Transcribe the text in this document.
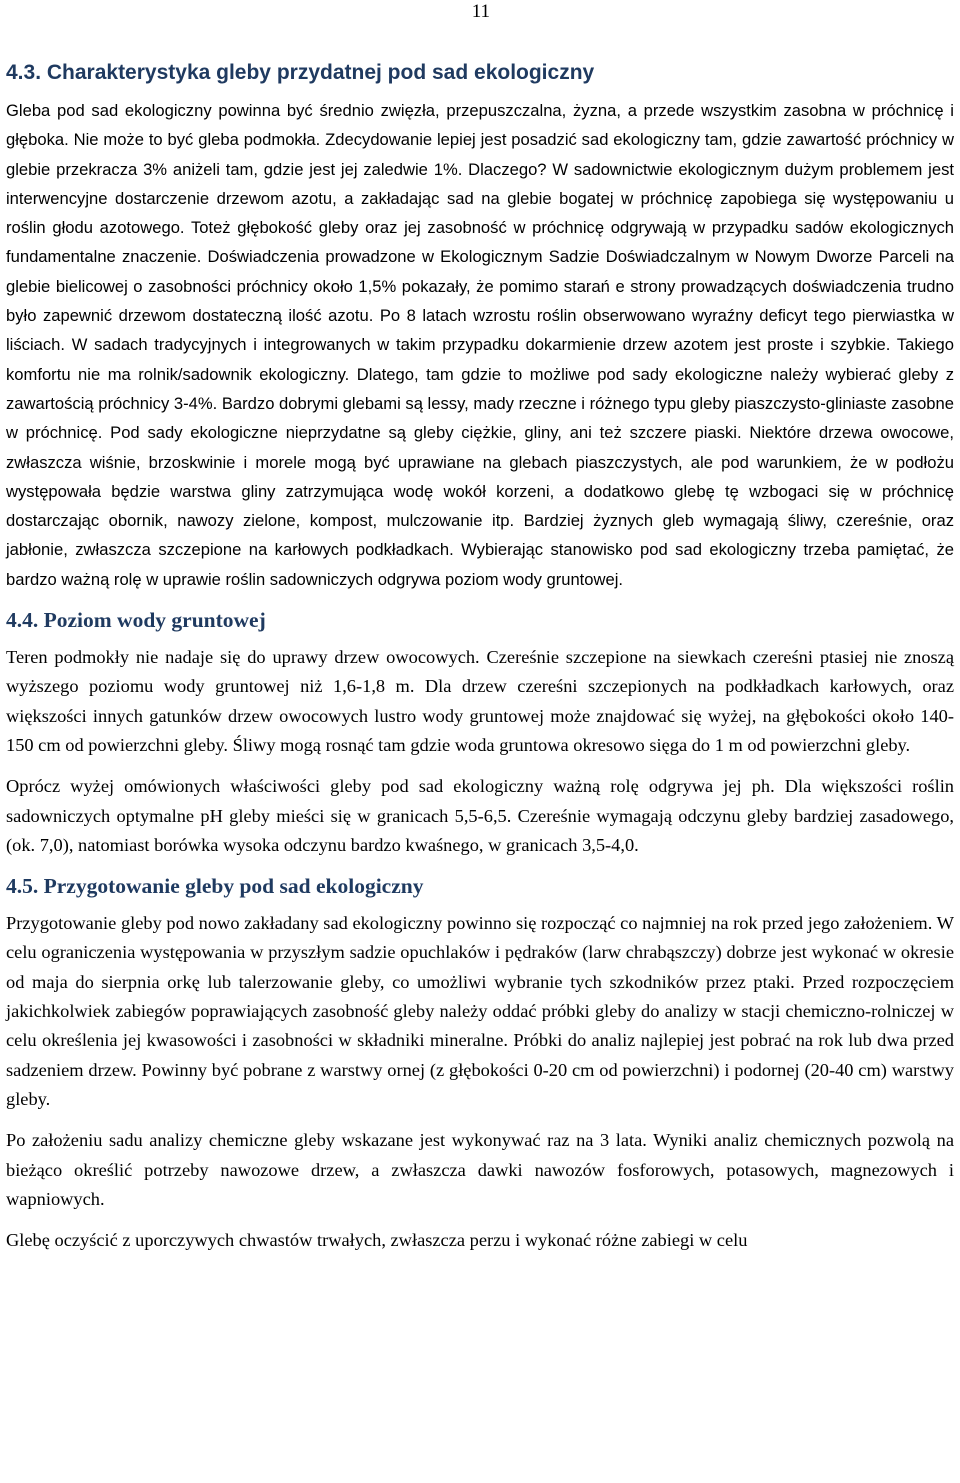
11
4.3. Charakterystyka gleby przydatnej pod sad ekologiczny

Gleba pod sad ekologiczny powinna być średnio zwięzła, przepuszczalna, żyzna, a przede wszystkim zasobna w próchnicę i głęboka. Nie może to być gleba podmokła. Zdecydowanie lepiej jest posadzić sad ekologiczny tam, gdzie zawartość próchnicy w glebie przekracza 3% aniżeli tam, gdzie jest jej zaledwie 1%. Dlaczego? W sadownictwie ekologicznym dużym problemem jest interwencyjne dostarczenie drzewom azotu, a zakładając sad na glebie bogatej w próchnicę zapobiega się występowaniu u roślin głodu azotowego. Toteż głębokość gleby oraz jej zasobność w próchnicę odgrywają w przypadku sadów ekologicznych fundamentalne znaczenie. Doświadczenia prowadzone w Ekologicznym Sadzie Doświadczalnym w Nowym Dworze Parceli na glebie bielicowej o zasobności próchnicy około 1,5% pokazały, że pomimo starań e strony prowadzących doświadczenia trudno było zapewnić drzewom dostateczną ilość azotu. Po 8 latach wzrostu roślin obserwowano wyraźny deficyt tego pierwiastka w liściach. W sadach tradycyjnych i integrowanych w takim przypadku dokarmienie drzew azotem jest proste i szybkie. Takiego komfortu nie ma rolnik/sadownik ekologiczny. Dlatego, tam gdzie to możliwe pod sady ekologiczne należy wybierać gleby z zawartością próchnicy 3-4%. Bardzo dobrymi glebami są lessy, mady rzeczne i różnego typu gleby piaszczysto-gliniaste zasobne w próchnicę. Pod sady ekologiczne nieprzydatne są gleby ciężkie, gliny, ani też szczere piaski. Niektóre drzewa owocowe, zwłaszcza wiśnie, brzoskwinie i morele mogą być uprawiane na glebach piaszczystych, ale pod warunkiem, że w podłożu występowała będzie warstwa gliny zatrzymująca wodę wokół korzeni, a dodatkowo glebę tę wzbogaci się w próchnicę dostarczając obornik, nawozy zielone, kompost, mulczowanie itp. Bardziej żyznych gleb wymagają śliwy, czereśnie, oraz jabłonie, zwłaszcza szczepione na karłowych podkładkach. Wybierając stanowisko pod sad ekologiczny trzeba pamiętać, że bardzo ważną rolę w uprawie roślin sadowniczych odgrywa poziom wody gruntowej.

4.4. Poziom wody gruntowej

Teren podmokły nie nadaje się do uprawy drzew owocowych. Czereśnie szczepione na siewkach czereśni ptasiej nie znoszą wyższego poziomu wody gruntowej niż 1,6-1,8 m. Dla drzew czereśni szczepionych na podkładkach karłowych, oraz większości innych gatunków drzew owocowych lustro wody gruntowej może znajdować się wyżej, na głębokości około 140-150 cm od powierzchni gleby. Śliwy mogą rosnąć tam gdzie woda gruntowa okresowo sięga do 1 m od powierzchni gleby.

Oprócz wyżej omówionych właściwości gleby pod sad ekologiczny ważną rolę odgrywa jej ph. Dla większości roślin sadowniczych optymalne pH gleby mieści się w granicach 5,5-6,5. Czereśnie wymagają odczynu gleby bardziej zasadowego, (ok. 7,0), natomiast borówka wysoka odczynu bardzo kwaśnego, w granicach 3,5-4,0.

4.5. Przygotowanie gleby pod sad ekologiczny

Przygotowanie gleby pod nowo zakładany sad ekologiczny powinno się rozpocząć co najmniej na rok przed jego założeniem. W celu ograniczenia występowania w przyszłym sadzie opuchlaków i pędraków (larw chrabąszczy) dobrze jest wykonać w okresie od maja do sierpnia orkę lub talerzowanie gleby, co umożliwi wybranie tych szkodników przez ptaki. Przed rozpoczęciem jakichkolwiek zabiegów poprawiających zasobność gleby należy oddać próbki gleby do analizy w stacji chemiczno-rolniczej w celu określenia jej kwasowości i zasobności w składniki mineralne. Próbki do analiz najlepiej jest pobrać na rok lub dwa przed sadzeniem drzew. Powinny być pobrane z warstwy ornej (z głębokości 0-20 cm od powierzchni) i podornej (20-40 cm) warstwy gleby.

Po założeniu sadu analizy chemiczne gleby wskazane jest wykonywać raz na 3 lata. Wyniki analiz chemicznych pozwolą na bieżąco określić potrzeby nawozowe drzew, a zwłaszcza dawki nawozów fosforowych, potasowych, magnezowych i wapniowych.

Glebę oczyścić z uporczywych chwastów trwałych, zwłaszcza perzu i wykonać różne zabiegi w celu
